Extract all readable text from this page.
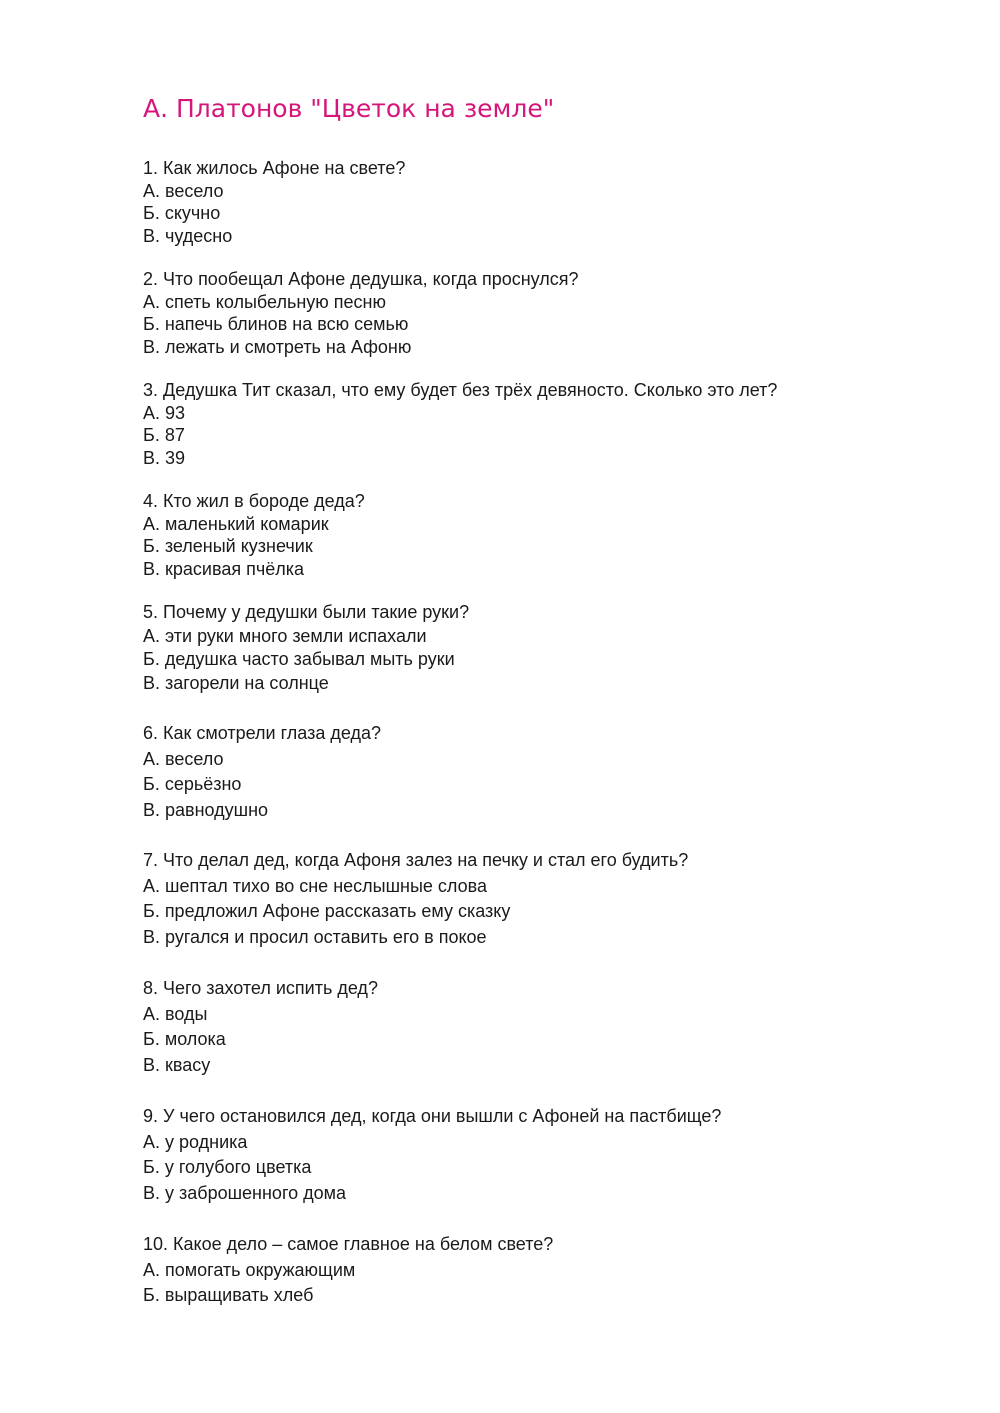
А. Платонов "Цветок на земле"
1. Как жилось Афоне на свете?
А. весело
Б. скучно
В. чудесно
2. Что пообещал Афоне дедушка, когда проснулся?
А. спеть колыбельную песню
Б. напечь блинов на всю семью
В. лежать и смотреть на Афоню
3. Дедушка Тит сказал, что ему будет без трёх девяносто. Сколько это лет?
А. 93
Б. 87
В. 39
4. Кто жил в бороде деда?
А. маленький комарик
Б. зеленый кузнечик
В. красивая пчёлка
5. Почему у дедушки были такие руки?
А. эти руки много земли испахали
Б. дедушка часто забывал мыть руки
В. загорели на солнце
6. Как смотрели глаза деда?
А. весело
Б. серьёзно
В. равнодушно
7. Что делал дед, когда Афоня залез на печку и стал его будить?
А. шептал тихо во сне неслышные слова
Б. предложил Афоне рассказать ему сказку
В. ругался и просил оставить его в покое
8. Чего захотел испить дед?
А. воды
Б. молока
В. квасу
9. У чего остановился дед, когда они вышли с Афоней на пастбище?
А. у родника
Б. у голубого цветка
В. у заброшенного дома
10. Какое дело – самое главное на белом свете?
А. помогать окружающим
Б. выращивать хлеб
